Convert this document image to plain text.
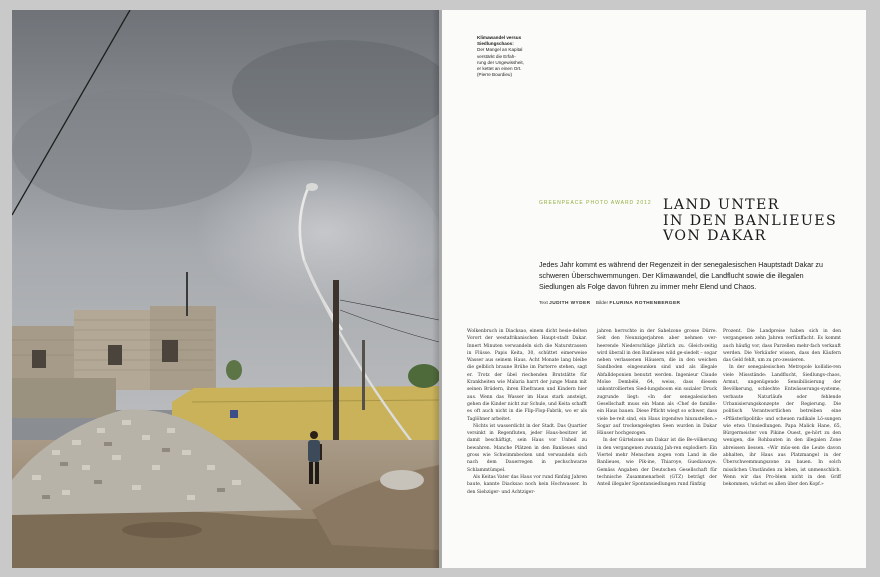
Klimawandel versus
Siedlungschaos:
Der Mangel an Kapital
verstärkt die Erfah-
rung der Ungewissheit,
er kettet an einen Ort.
(Pierre Bourdieu)
GREENPEACE PHOTO AWARD 2012 LAND UNTER
IN DEN BANLIEUES
VON DAKAR
Jedes Jahr kommt es während der Regenzeit in der senegalesischen Hauptstadt Dakar zu schweren Überschwemmungen. Der Klimawandel, die Landflucht sowie die illegalen Siedlungen als Folge davon führen zu immer mehr Elend und Chaos.
Text JUDITH WYDER Bilder FLURINA ROTHENBERGER

Wolkenbruch in Diacksao, einem dicht besie-delten Vorort der westafrikanischen Haupt-stadt Dakar. Innert Minuten verwandeln sich die Naturstrassen in Flüsse. Papis Keita, 30, schüttet eimerweise Wasser aus seinem Haus. Acht Monate lang bleibe die gelblich braune Brühe im Parterre stehen, sagt er. Trotz der übel riechenden Brutstätte für Krankheiten wie Malaria harrt der junge Mann mit seinen Brüdern, ihren Ehefrauen und Kindern hier aus. Wenn das Wasser im Haus stark ansteigt, gehen die Kinder nicht zur Schule, und Keita schafft es oft auch nicht in die Flip-Flop-Fabrik, wo er als Taglöhner arbeitet.

Nichts ist wasserdicht in der Stadt. Das Quartier versinkt in Regenfluten, jeder Haus-besitzer ist damit beschäftigt, sein Haus vor Unheil zu bewahren. Manche Plätzen in den Banlieues sind gross wie Schwimmbecken und verwandeln sich nach dem Dauerregen in pechschwarze Schlammtümpel.

Als Keitas Vater das Haus vor rund fünfzig Jahren baute, kannte Diacksao noch kein Hochwasser. In den Siebziger- und Achtziger-

jahren herrschte in der Sahelzone grosse Dürre. Seit den Neunzigerjahren aber nehmen ver-heerende Niederschläge jährlich zu. Gleich-zeitig wird überall in den Banlieues wild ge-siedelt – sogar neben verlassenen Häusern, die in den weichen Sandboden eingesunken sind und als illegale Abfalldeponien benutzt werden. Ingenieur Claude Moïse Dembélé, 64, weiss, dass diesem unkontrollierten Sied-lungsboom ein sozialer Druck zugrunde liegt: «In der senegalesischen Gesellschaft muss ein Mann als ‹Chef de famille› ein Haus bauen. Diese Pflicht wiegt so schwer, dass viele be-reit sind, ein Haus irgendwo hinzustellen.» Sogar auf trockengelegten Seen wurden in Dakar Häuser hochgezogen.

In der Gürtelzone um Dakar ist die Be-völkerung in den vergangenen zwanzig Jah-ren explodiert: Ein Viertel mehr Menschen zogen vom Land in die Banlieues, wie Pik-ine, Thiaroye, Guediawaye. Gemäss Angaben der Deutschen Gesellschaft für technische Zusammenarbeit (GTZ) beträgt der Anteil illegaler Spontansiedlungen rund fünfzig

Prozent. Die Landpreise haben sich in den vergangenen zehn Jahren verfünffacht. Es kommt auch häufig vor, dass Parzellen mehr-fach verkauft werden. Die Verkäufer wissen, dass den Käufern das Geld fehlt, um zu pro-zessieren.

In der senegalesischen Metropole kollidie-ren viele Missstände: Landflucht, Siedlungs-chaos, Armut, ungenügende Sensibilisierung der Bevölkerung, schlechte Entwässerungs-systeme, verbaute Naturläufe oder fehlende Urbanisierungskonzepte der Regierung. Die politisch Verantwortlichen betreiben eine «Pflästerlipolitik» und scheuen radikale Lö-sungen wie etwa Umsiedlungen. Papa Malick Hane, 65, Bürgermeister von Pikine Ouest, ge-hört zu den wenigen, die Rohbauten in den illegalen Zone abreissen liessen. «Wir müs-sen die Leute davon abhalten, ihr Haus aus Platzmangel in der Überschwemmungszone zu bauen. In solch misslichen Umständen zu leben, ist unmenschlich. Wenn wir das Pro-blem nicht in den Griff bekommen, wächst es allen über den Kopf.»
